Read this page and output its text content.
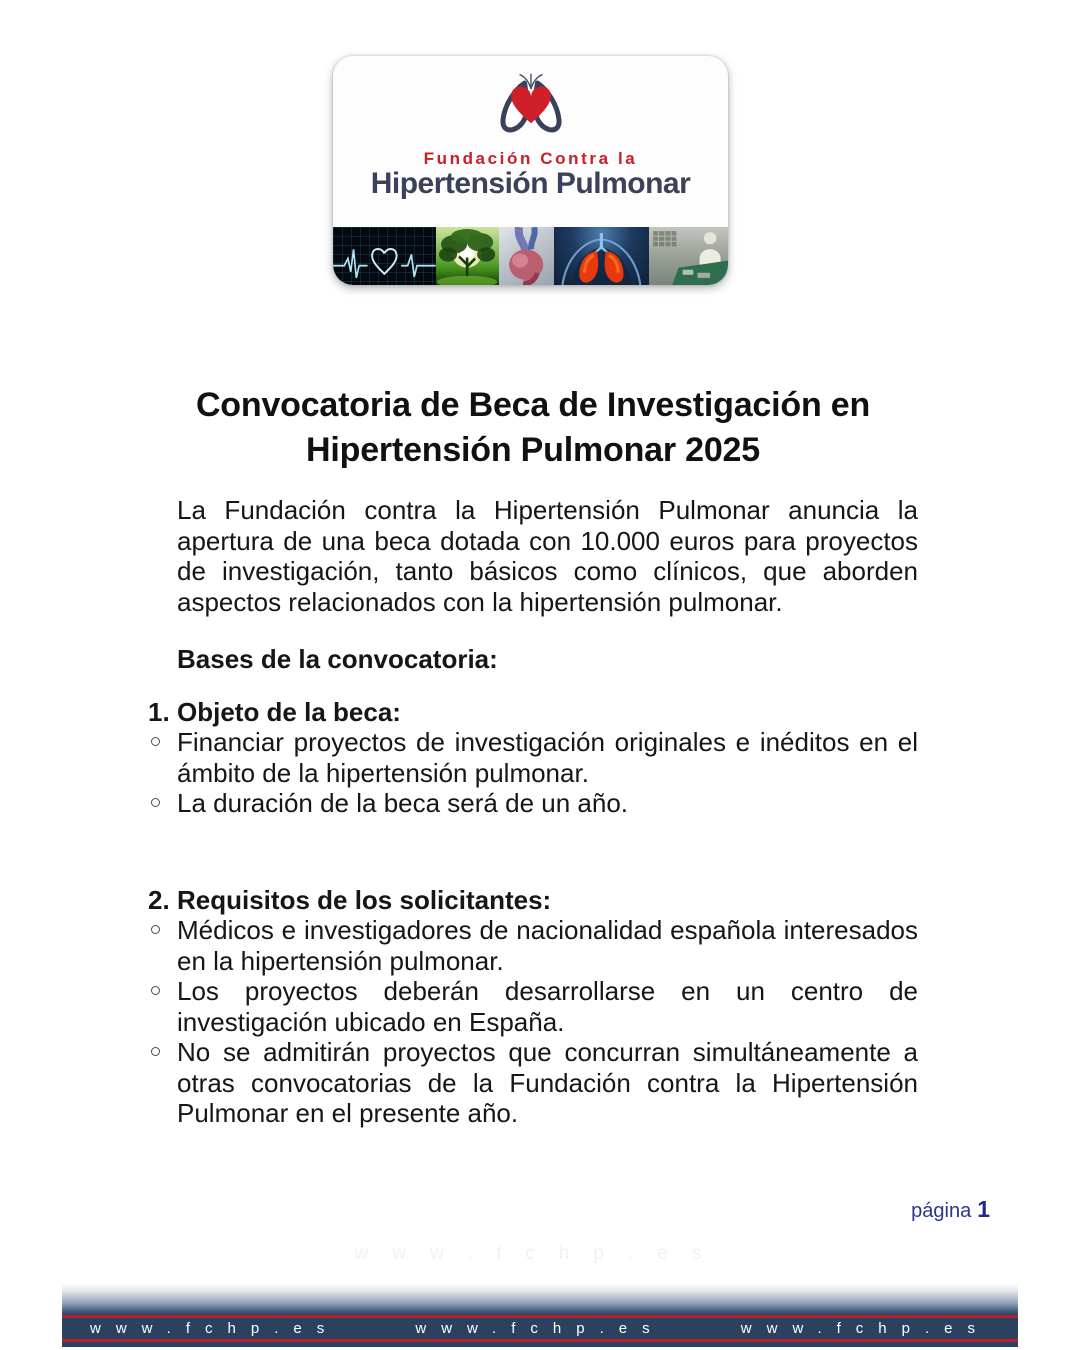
Fundación Contra la
Hipertensión Pulmonar
Convocatoria de Beca de Investigación en
Hipertensión Pulmonar 2025

La Fundación contra la Hipertensión Pulmonar anuncia la apertura de una beca dotada con 10.000 euros para proyectos de investigación, tanto básicos como clínicos, que aborden aspectos relacionados con la hipertensión pulmonar.

Bases de la convocatoria:

1. Objeto de la beca:
Financiar proyectos de investigación originales e inéditos en el ámbito de la hipertensión pulmonar.
La duración de la beca será de un año.
2. Requisitos de los solicitantes:
Médicos e investigadores de nacionalidad española interesados en la hipertensión pulmonar.
Los proyectos deberán desarrollarse en un centro de investigación ubicado en España.
No se admitirán proyectos que concurran simultáneamente a otras convocatorias de la Fundación contra la Hipertensión Pulmonar en el presente año.
página 1
www.fchp.es
www.fchp.es	www.fchp.es	www.fchp.es
